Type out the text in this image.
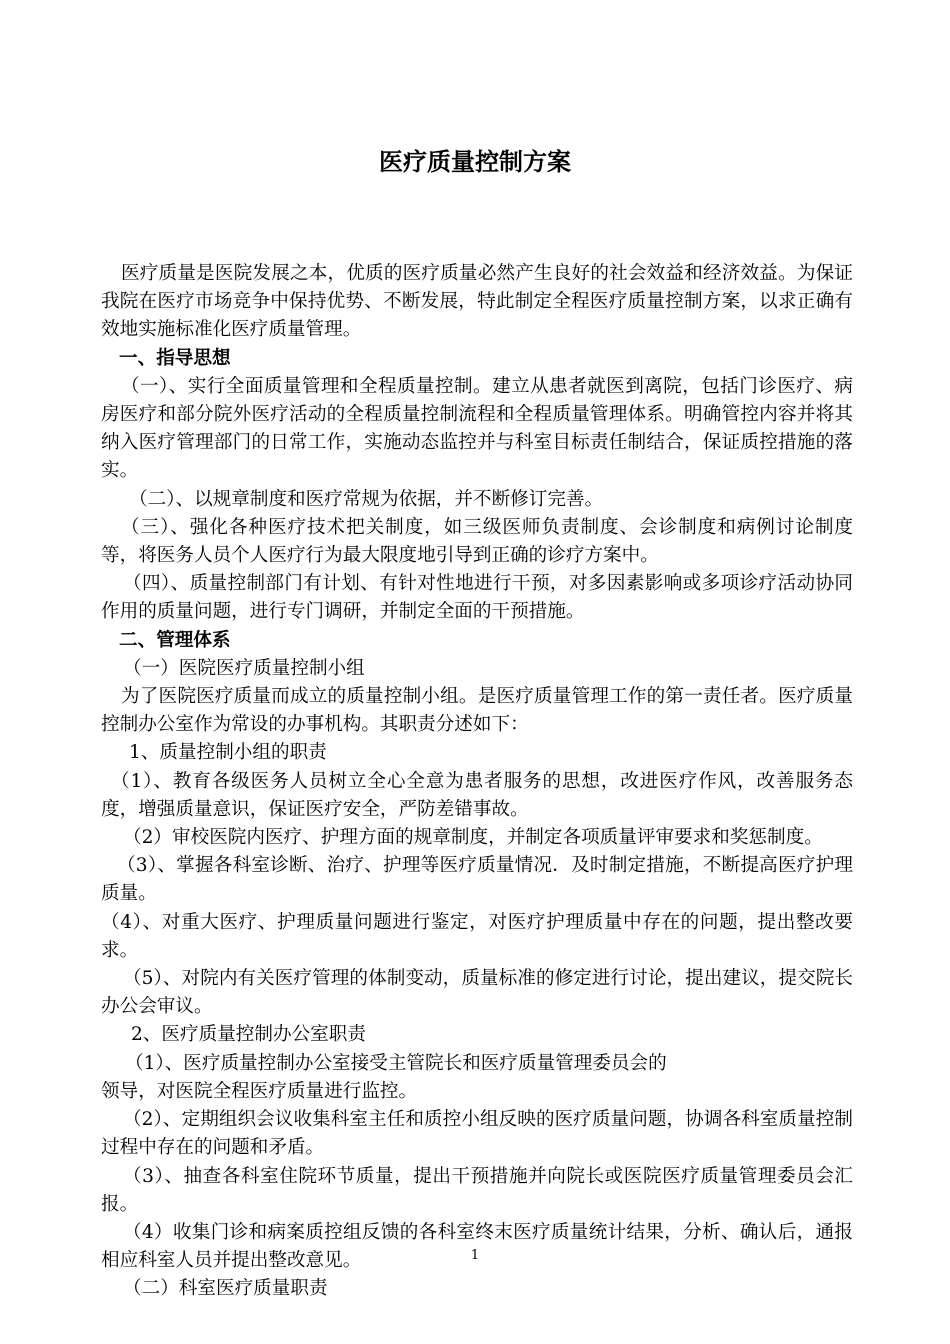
医疗质量控制方案

医疗质量是医院发展之本，优质的医疗质量必然产生良好的社会效益和经济效益。为保证我院在医疗市场竞争中保持优势、不断发展，特此制定全程医疗质量控制方案，以求正确有效地实施标准化医疗质量管理。

一、指导思想

（一）、实行全面质量管理和全程质量控制。建立从患者就医到离院，包括门诊医疗、病房医疗和部分院外医疗活动的全程质量控制流程和全程质量管理体系。明确管控内容并将其纳入医疗管理部门的日常工作，实施动态监控并与科室目标责任制结合，保证质控措施的落实。

（二）、以规章制度和医疗常规为依据，并不断修订完善。

（三）、强化各种医疗技术把关制度，如三级医师负责制度、会诊制度和病例讨论制度等，将医务人员个人医疗行为最大限度地引导到正确的诊疗方案中。

（四）、质量控制部门有计划、有针对性地进行干预，对多因素影响或多项诊疗活动协同作用的质量问题，进行专门调研，并制定全面的干预措施。

二、管理体系

（一）医院医疗质量控制小组

为了医院医疗质量而成立的质量控制小组。是医疗质量管理工作的第一责任者。医疗质量控制办公室作为常设的办事机构。其职责分述如下：

1、质量控制小组的职责

（1）、教育各级医务人员树立全心全意为患者服务的思想，改进医疗作风，改善服务态度，增强质量意识，保证医疗安全，严防差错事故。

（2）审校医院内医疗、护理方面的规章制度，并制定各项质量评审要求和奖惩制度。

（3）、掌握各科室诊断、治疗、护理等医疗质量情况．及时制定措施，不断提高医疗护理质量。

（4）、对重大医疗、护理质量问题进行鉴定，对医疗护理质量中存在的问题，提出整改要求。

（5）、对院内有关医疗管理的体制变动，质量标准的修定进行讨论，提出建议，提交院长办公会审议。

2、医疗质量控制办公室职责

（1）、医疗质量控制办公室接受主管院长和医疗质量管理委员会的

领导，对医院全程医疗质量进行监控。

（2）、定期组织会议收集科室主任和质控小组反映的医疗质量问题，协调各科室质量控制过程中存在的问题和矛盾。

（3）、抽查各科室住院环节质量，提出干预措施并向院长或医院医疗质量管理委员会汇报。

（4）收集门诊和病案质控组反馈的各科室终末医疗质量统计结果，分析、确认后，通报相应科室人员并提出整改意见。

（二）科室医疗质量职责

1
